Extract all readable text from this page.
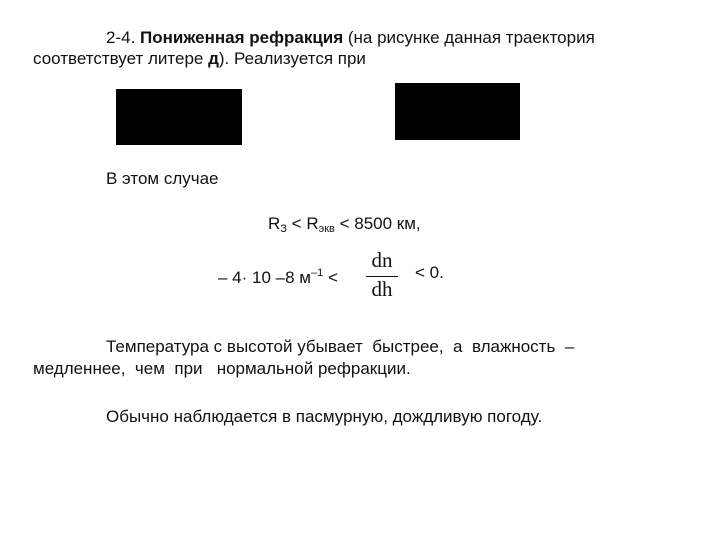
2-4. Пониженная рефракция (на рисунке данная траектория
соответствует литере д). Реализуется при
В этом случае
$R_З < R_{экв} < 8500$ км,
– 4· 10 –8 $м^{-1}$ <
dn
dh
< 0.
Температура с высотой убывает  быстрее,  а  влажность  –
медленнее,  чем  при   нормальной рефракции.
Обычно наблюдается в пасмурную, дождливую погоду.
